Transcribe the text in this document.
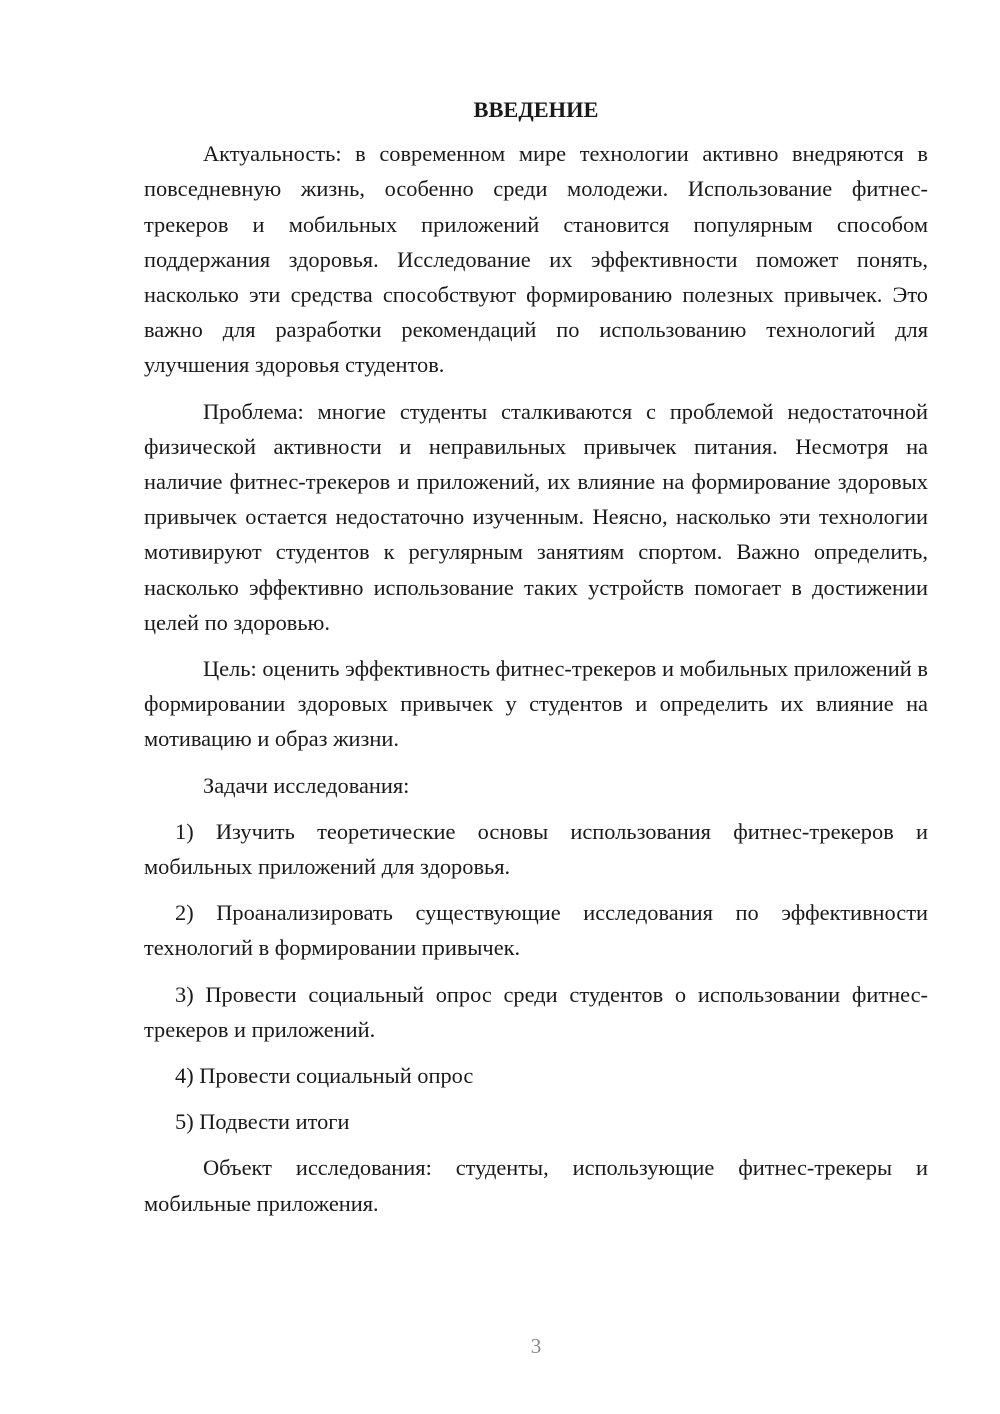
ВВЕДЕНИЕ

Актуальность: в современном мире технологии активно внедряются в повседневную жизнь, особенно среди молодежи. Использование фитнес-трекеров и мобильных приложений становится популярным способом поддержания здоровья. Исследование их эффективности поможет понять, насколько эти средства способствуют формированию полезных привычек. Это важно для разработки рекомендаций по использованию технологий для улучшения здоровья студентов.

Проблема: многие студенты сталкиваются с проблемой недостаточной физической активности и неправильных привычек питания. Несмотря на наличие фитнес-трекеров и приложений, их влияние на формирование здоровых привычек остается недостаточно изученным. Неясно, насколько эти технологии мотивируют студентов к регулярным занятиям спортом. Важно определить, насколько эффективно использование таких устройств помогает в достижении целей по здоровью.

Цель: оценить эффективность фитнес-трекеров и мобильных приложений в формировании здоровых привычек у студентов и определить их влияние на мотивацию и образ жизни.

Задачи исследования:

1) Изучить теоретические основы использования фитнес-трекеров и мобильных приложений для здоровья.

2) Проанализировать существующие исследования по эффективности технологий в формировании привычек.

3) Провести социальный опрос среди студентов о использовании фитнес-трекеров и приложений.

4) Провести социальный опрос

5) Подвести итоги

Объект исследования: студенты, использующие фитнес-трекеры и мобильные приложения.

3
